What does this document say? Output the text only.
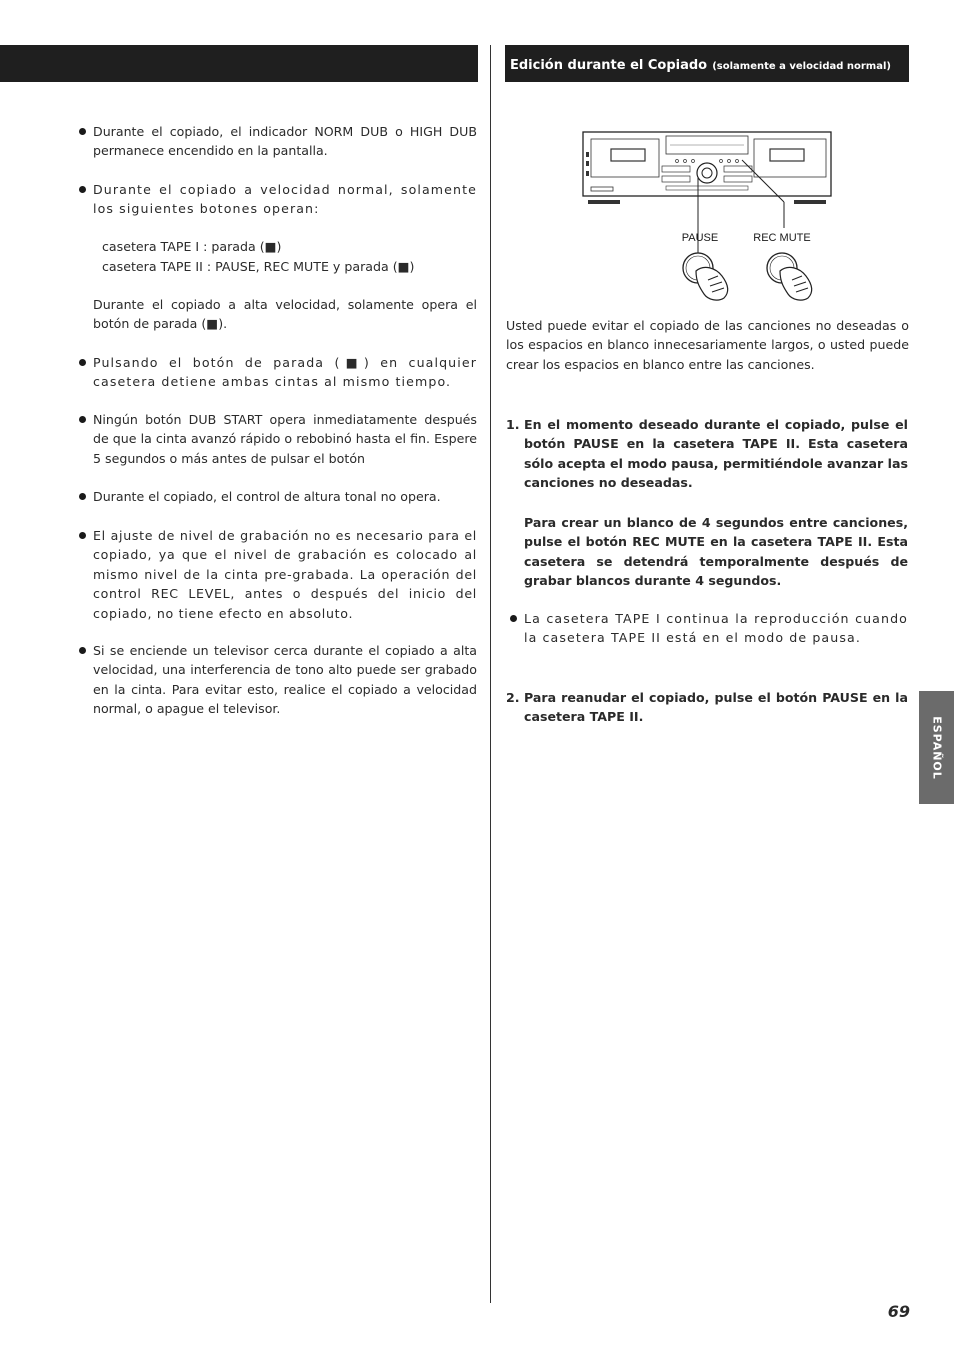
Edición durante el Copiado (solamente a velocidad normal)
Durante el copiado, el indicador NORM DUB o HIGH DUB permanece encendido en la pantalla.
Durante el copiado a velocidad normal, solamente los siguientes botones operan:
casetera TAPE I : parada (■)
casetera TAPE II : PAUSE, REC MUTE y parada (■)
Durante el copiado a alta velocidad, solamente opera el botón de parada (■).
Pulsando el botón de parada (■) en cualquier casetera detiene ambas cintas al mismo tiempo.
Ningún botón DUB START opera inmediatamente después de que la cinta avanzó rápido o rebobinó hasta el fin. Espere 5 segundos o más antes de pulsar el botón
Durante el copiado, el control de altura tonal no opera.
El ajuste de nivel de grabación no es necesario para el copiado, ya que el nivel de grabación es colocado al mismo nivel de la cinta pre-grabada. La operación del control REC LEVEL, antes o después del inicio del copiado, no tiene efecto en absoluto.
Si se enciende un televisor cerca durante el copiado a alta velocidad, una interferencia de tono alto puede ser grabado en la cinta. Para evitar esto, realice el copiado a velocidad normal, o apague el televisor.
PAUSE	REC MUTE
Usted puede evitar el copiado de las canciones no deseadas o los espacios en blanco innecesariamente largos, o usted puede crear los espacios en blanco entre las canciones.
1. En el momento deseado durante el copiado, pulse el botón PAUSE en la casetera TAPE II. Esta casetera sólo acepta el modo pausa, permitiéndole avanzar las canciones no deseadas.
Para crear un blanco de 4 segundos entre canciones, pulse el botón REC MUTE en la casetera TAPE II. Esta casetera se detendrá temporalmente después de grabar blancos durante 4 segundos.
La casetera TAPE I continua la reproducción cuando la casetera TAPE II está en el modo de pausa.
2. Para reanudar el copiado, pulse el botón PAUSE en la casetera TAPE II.	ESPAÑOL
69
